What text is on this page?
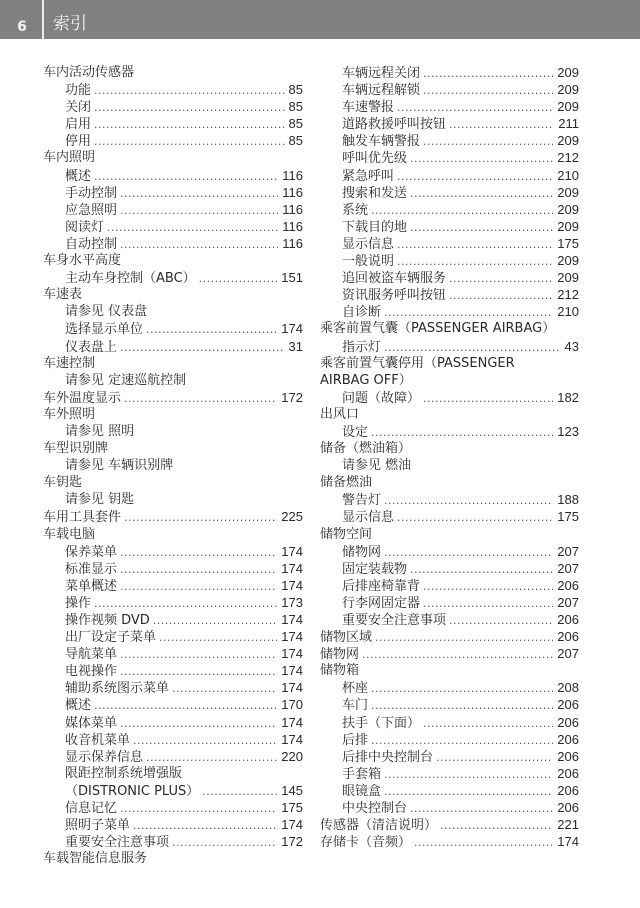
6 索引
车内活动传感器
功能 .....	85
关闭 .....	85
启用 .....	85
停用 .....	85
车内照明
概述 .....	116
手动控制 .....	116
应急照明 .....	116
阅读灯 .....	116
自动控制 .....	116
车身水平高度
主动车身控制（ABC） .....	151
车速表
请参见 仪表盘
选择显示单位 .....	174
仪表盘上 .....	31
车速控制
请参见 定速巡航控制
车外温度显示 .....	172
车外照明
请参见 照明
车型识别牌
请参见 车辆识别牌
车钥匙
请参见 钥匙
车用工具套件 .....	225
车载电脑
保养菜单 .....	174
标准显示 .....	174
菜单概述 .....	174
操作 .....	173
操作视频 DVD .....	174
出厂设定子菜单 .....	174
导航菜单 .....	174
电视操作 .....	174
辅助系统图示菜单 .....	174
概述 .....	170
媒体菜单 .....	174
收音机菜单 .....	174
显示保养信息 .....	220
限距控制系统增强版
（DISTRONIC PLUS） .....	145
信息记忆 .....	175
照明子菜单 .....	174
重要安全注意事项 .....	172
车载智能信息服务
车辆远程关闭 .....	209
车辆远程解锁 .....	209
车速警报 .....	209
道路救援呼叫按钮 .....	211
触发车辆警报 .....	209
呼叫优先级 .....	212
紧急呼叫 .....	210
搜索和发送 .....	209
系统 .....	209
下载目的地 .....	209
显示信息 .....	175
一般说明 .....	209
追回被盗车辆服务 .....	209
资讯服务呼叫按钮 .....	212
自诊断 .....	210
乘客前置气囊（PASSENGER AIRBAG）
指示灯 .....	43
乘客前置气囊停用（PASSENGER
AIRBAG OFF）
问题（故障） .....	182
出风口
设定 .....	123
储备（燃油箱）
请参见 燃油
储备燃油
警告灯 .....	188
显示信息 .....	175
储物空间
储物网 .....	207
固定装载物 .....	207
后排座椅靠背 .....	206
行李网固定器 .....	207
重要安全注意事项 .....	206
储物区域 .....	206
储物网 .....	207
储物箱
杯座 .....	208
车门 .....	206
扶手（下面） .....	206
后排 .....	206
后排中央控制台 .....	206
手套箱 .....	206
眼镜盒 .....	206
中央控制台 .....	206
传感器（清洁说明） .....	221
存储卡（音频） .....	174
